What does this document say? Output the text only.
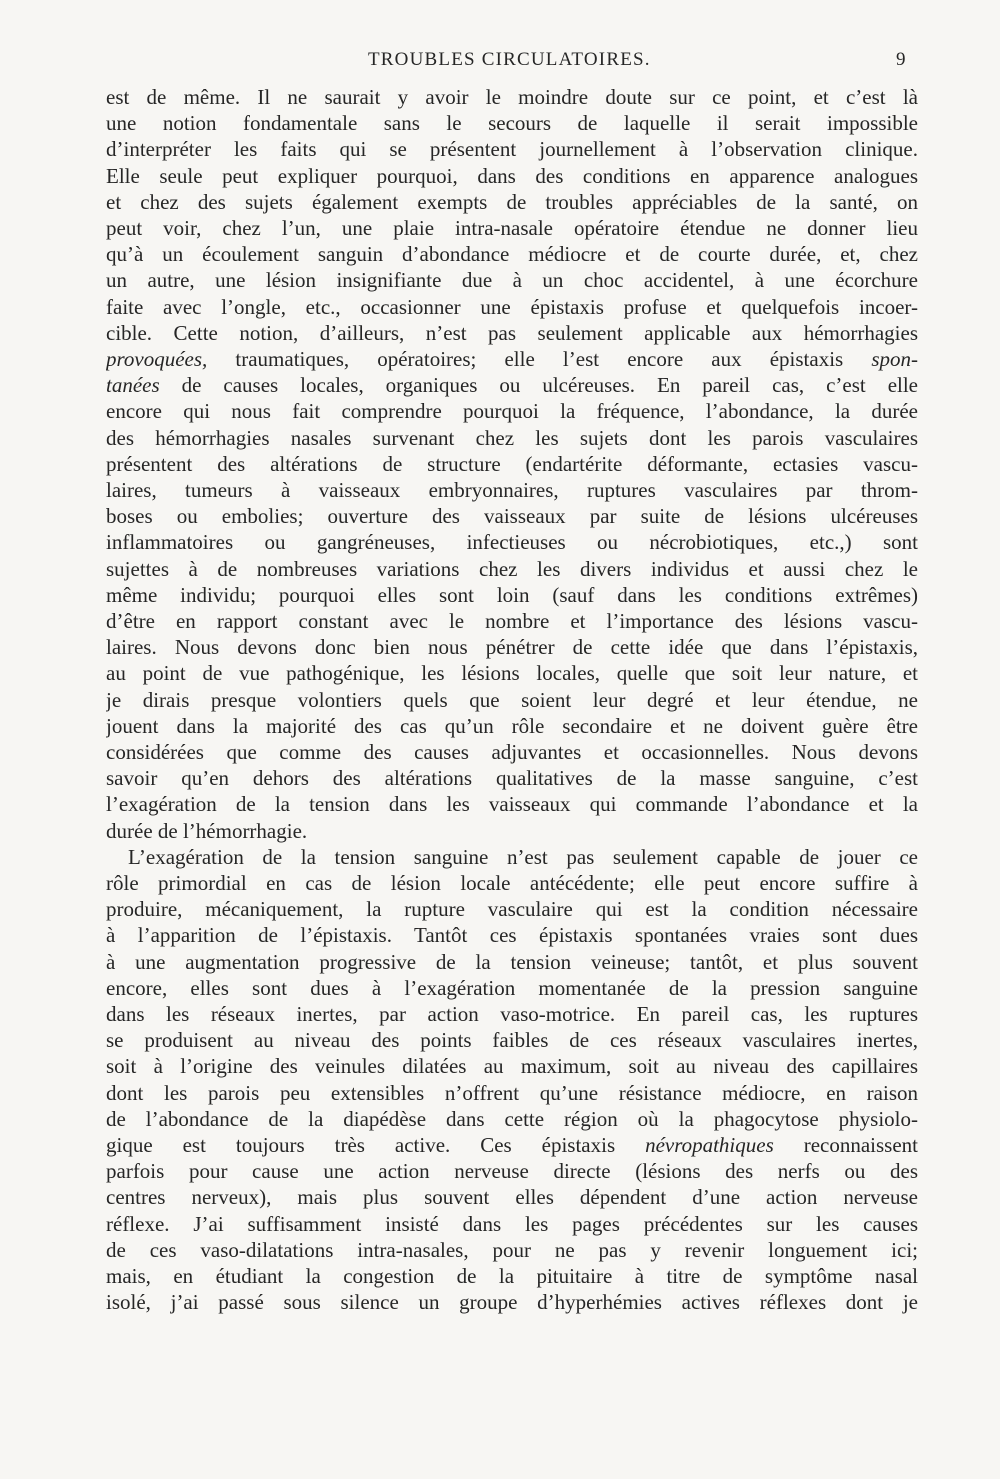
TROUBLES CIRCULATOIRES.	9
est de même. Il ne saurait y avoir le moindre doute sur ce point, et c’est là
une notion fondamentale sans le secours de laquelle il serait impossible
d’interpréter les faits qui se présentent journellement à l’observation clinique.
Elle seule peut expliquer pourquoi, dans des conditions en apparence analogues
et chez des sujets également exempts de troubles appréciables de la santé, on
peut voir, chez l’un, une plaie intra-nasale opératoire étendue ne donner lieu
qu’à un écoulement sanguin d’abondance médiocre et de courte durée, et, chez
un autre, une lésion insignifiante due à un choc accidentel, à une écorchure
faite avec l’ongle, etc., occasionner une épistaxis profuse et quelquefois incoer-
cible. Cette notion, d’ailleurs, n’est pas seulement applicable aux hémorrhagies
provoquées, traumatiques, opératoires; elle l’est encore aux épistaxis spon-
tanées de causes locales, organiques ou ulcéreuses. En pareil cas, c’est elle
encore qui nous fait comprendre pourquoi la fréquence, l’abondance, la durée
des hémorrhagies nasales survenant chez les sujets dont les parois vasculaires
présentent des altérations de structure (endartérite déformante, ectasies vascu-
laires, tumeurs à vaisseaux embryonnaires, ruptures vasculaires par throm-
boses ou embolies; ouverture des vaisseaux par suite de lésions ulcéreuses
inflammatoires ou gangréneuses, infectieuses ou nécrobiotiques, etc.,) sont
sujettes à de nombreuses variations chez les divers individus et aussi chez le
même individu; pourquoi elles sont loin (sauf dans les conditions extrêmes)
d’être en rapport constant avec le nombre et l’importance des lésions vascu-
laires. Nous devons donc bien nous pénétrer de cette idée que dans l’épistaxis,
au point de vue pathogénique, les lésions locales, quelle que soit leur nature, et
je dirais presque volontiers quels que soient leur degré et leur étendue, ne
jouent dans la majorité des cas qu’un rôle secondaire et ne doivent guère être
considérées que comme des causes adjuvantes et occasionnelles. Nous devons
savoir qu’en dehors des altérations qualitatives de la masse sanguine, c’est
l’exagération de la tension dans les vaisseaux qui commande l’abondance et la
durée de l’hémorrhagie.
L’exagération de la tension sanguine n’est pas seulement capable de jouer ce
rôle primordial en cas de lésion locale antécédente; elle peut encore suffire à
produire, mécaniquement, la rupture vasculaire qui est la condition nécessaire
à l’apparition de l’épistaxis. Tantôt ces épistaxis spontanées vraies sont dues
à une augmentation progressive de la tension veineuse; tantôt, et plus souvent
encore, elles sont dues à l’exagération momentanée de la pression sanguine
dans les réseaux inertes, par action vaso-motrice. En pareil cas, les ruptures
se produisent au niveau des points faibles de ces réseaux vasculaires inertes,
soit à l’origine des veinules dilatées au maximum, soit au niveau des capillaires
dont les parois peu extensibles n’offrent qu’une résistance médiocre, en raison
de l’abondance de la diapédèse dans cette région où la phagocytose physiolo-
gique est toujours très active. Ces épistaxis névropathiques reconnaissent
parfois pour cause une action nerveuse directe (lésions des nerfs ou des
centres nerveux), mais plus souvent elles dépendent d’une action nerveuse
réflexe. J’ai suffisamment insisté dans les pages précédentes sur les causes
de ces vaso-dilatations intra-nasales, pour ne pas y revenir longuement ici;
mais, en étudiant la congestion de la pituitaire à titre de symptôme nasal
isolé, j’ai passé sous silence un groupe d’hyperhémies actives réflexes dont je
